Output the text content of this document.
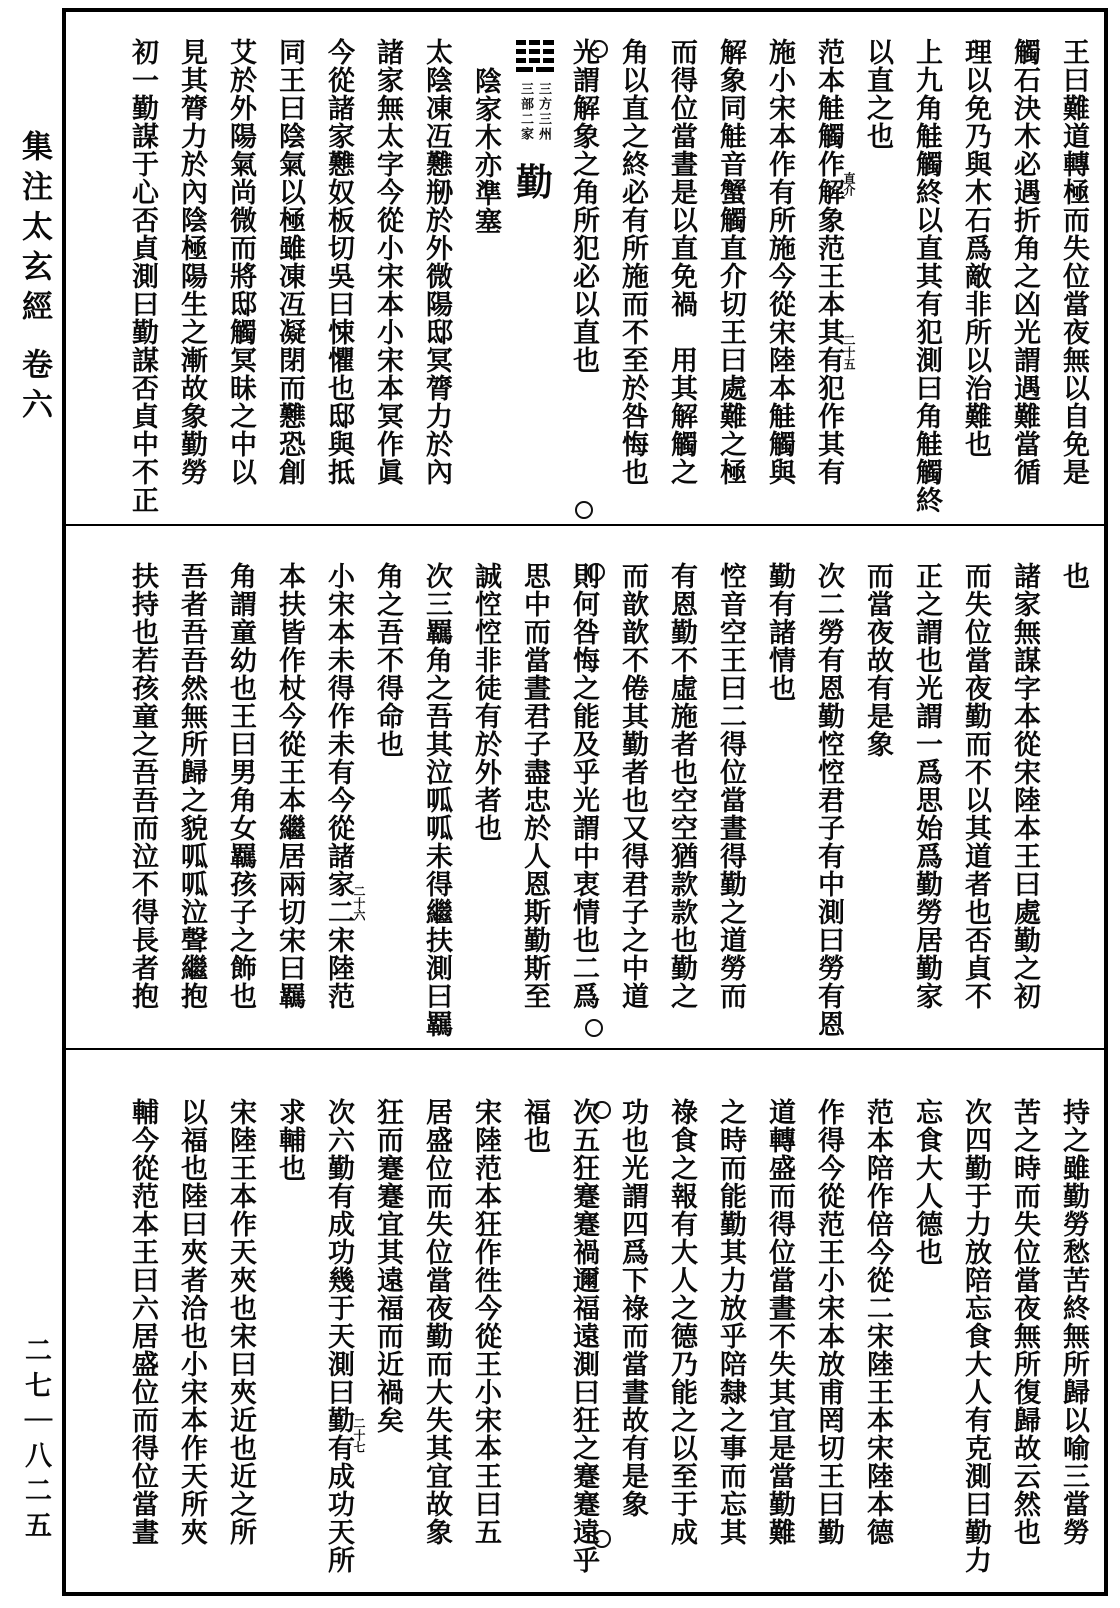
集注太玄經卷六
二七｜八二五
王曰難道轉極而失位當夜無以自免是
觸石決木必遇折角之凶光謂遇難當循
理以免乃與木石爲敵非所以治難也
上九角觟觸終以直其有犯測曰角觟觸終
以直之也
范本觟觸作解象范王本其有犯作其有
直介
二十五
施小宋本作有所施今從宋陸本觟觸與
解象同觟音蟹觸直介切王曰處難之極
而得位當晝是以直免禍　用其解觸之
角以直之終必有所施而不至於咎悔也
光謂解象之角所犯必以直也
三方三州
三部二家
勤
陰家木亦準塞
太陰凍冱戁剙於外微陽邸冥膂力於內
諸家無太字今從小宋本小宋本冥作眞
今從諸家戁奴板切吳曰悚懼也邸與抵
同王曰陰氣以極雖凍冱凝閉而戁恐創
艾於外陽氣尚微而將邸觸冥昧之中以
見其膂力於內陰極陽生之漸故象勤勞
初一勤謀于心否貞測曰勤謀否貞中不正
也
諸家無謀字本從宋陸本王曰處勤之初
而失位當夜勤而不以其道者也否貞不
正之謂也光謂一爲思始爲勤勞居勤家
而當夜故有是象
次二勞有恩勤悾悾君子有中測曰勞有恩
勤有諸情也
悾音空王曰二得位當晝得勤之道勞而
有恩勤不虛施者也空空猶款款也勤之
而歆歆不倦其勤者也又得君子之中道
則何咎悔之能及乎光謂中衷情也二爲
思中而當晝君子盡忠於人恩斯勤斯至
誠悾悾非徒有於外者也
次三羈角之吾其泣呱呱未得繼扶測曰羈
角之吾不得命也
小宋本未得作未有今從諸家二宋陸范
二十六
本扶皆作杖今從王本繼居兩切宋曰羈
角謂童幼也王曰男角女羈孩子之飾也
吾者吾吾然無所歸之貌呱呱泣聲繼抱
扶持也若孩童之吾吾而泣不得長者抱
持之雖勤勞愁苦終無所歸以喻三當勞
苦之時而失位當夜無所復歸故云然也
次四勤于力放陪忘食大人有克測曰勤力
忘食大人德也
范本陪作倍今從二宋陸王本宋陸本德
作得今從范王小宋本放甫罔切王曰勤
道轉盛而得位當晝不失其宜是當勤難
之時而能勤其力放乎陪隸之事而忘其
祿食之報有大人之德乃能之以至于成
功也光謂四爲下祿而當晝故有是象
次五狂蹇蹇禍邇福遠測曰狂之蹇蹇遠乎
福也
宋陸范本狂作徃今從王小宋本王曰五
居盛位而失位當夜勤而大失其宜故象
狂而蹇蹇宜其遠福而近禍矣
次六勤有成功幾于天測曰勤有成功天所
二十七
求輔也
宋陸王本作天夾也宋曰夾近也近之所
以福也陸曰夾者洽也小宋本作天所夾
輔今從范本王曰六居盛位而得位當晝
